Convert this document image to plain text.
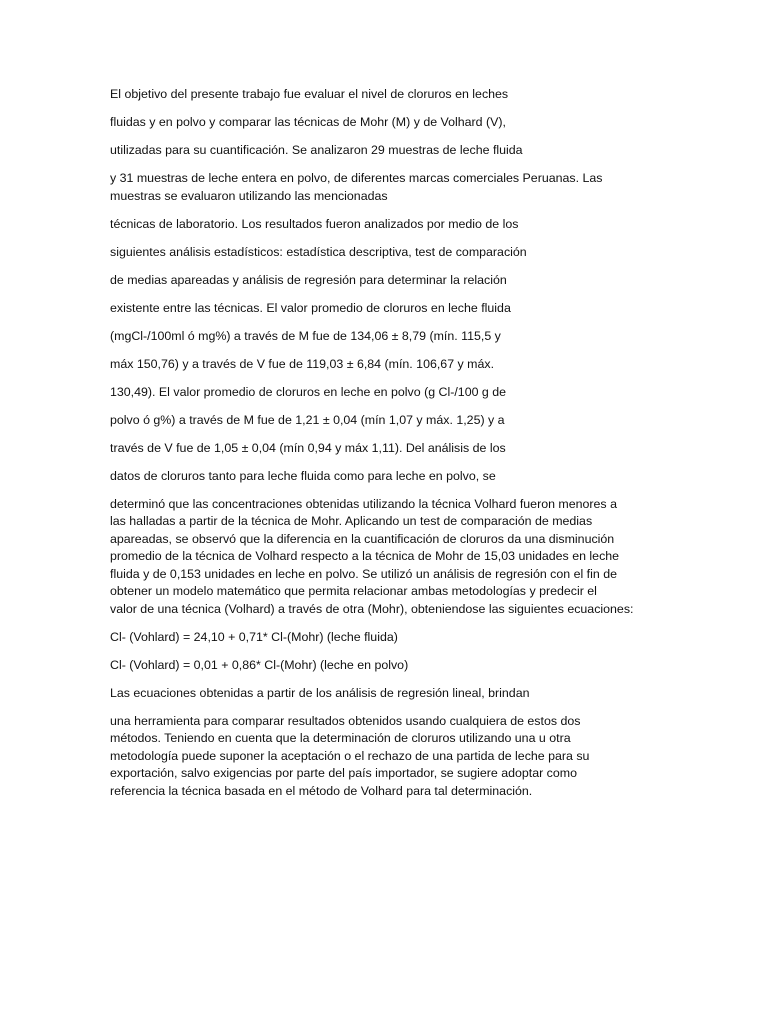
El objetivo del presente trabajo fue evaluar el nivel de cloruros en leches

fluidas y en polvo y comparar las técnicas de Mohr (M) y de Volhard (V),

utilizadas para su cuantificación. Se analizaron 29 muestras de leche fluida

y 31 muestras de leche entera en polvo, de diferentes marcas comerciales Peruanas. Las
muestras se evaluaron utilizando las mencionadas

técnicas de laboratorio. Los resultados fueron analizados por medio de los

siguientes análisis estadísticos: estadística descriptiva, test de comparación

de medias apareadas y análisis de regresión para determinar la relación

existente entre las técnicas. El valor promedio de cloruros en leche fluida

(mgCl-/100ml ó mg%) a través de M fue de 134,06 ± 8,79 (mín. 115,5 y

máx 150,76) y a través de V fue de 119,03 ± 6,84 (mín. 106,67 y máx.

130,49). El valor promedio de cloruros en leche en polvo (g Cl-/100 g de

polvo ó g%) a través de M fue de 1,21 ± 0,04 (mín 1,07 y máx. 1,25) y a

través de V fue de 1,05 ± 0,04 (mín 0,94 y máx 1,11). Del análisis de los

datos de cloruros tanto para leche fluida como para leche en polvo, se

determinó que las concentraciones obtenidas utilizando la técnica Volhard fueron menores a
las halladas a partir de la técnica de Mohr. Aplicando un test de comparación de medias
apareadas, se observó que la diferencia en la cuantificación de cloruros da una disminución
promedio de la técnica de Volhard respecto a la técnica de Mohr de 15,03 unidades en leche
fluida y de 0,153 unidades en leche en polvo. Se utilizó un análisis de regresión con el fin de
obtener un modelo matemático que permita relacionar ambas metodologías y predecir el
valor de una técnica (Volhard) a través de otra (Mohr), obteniendose las siguientes ecuaciones:

Cl- (Vohlard) = 24,10 + 0,71* Cl-(Mohr) (leche fluida)

Cl- (Vohlard) = 0,01 + 0,86* Cl-(Mohr) (leche en polvo)

Las ecuaciones obtenidas a partir de los análisis de regresión lineal, brindan

una herramienta para comparar resultados obtenidos usando cualquiera de estos dos
métodos. Teniendo en cuenta que la determinación de cloruros utilizando una u otra
metodología puede suponer la aceptación o el rechazo de una partida de leche para su
exportación, salvo exigencias por parte del país importador, se sugiere adoptar como
referencia la técnica basada en el método de Volhard para tal determinación.
